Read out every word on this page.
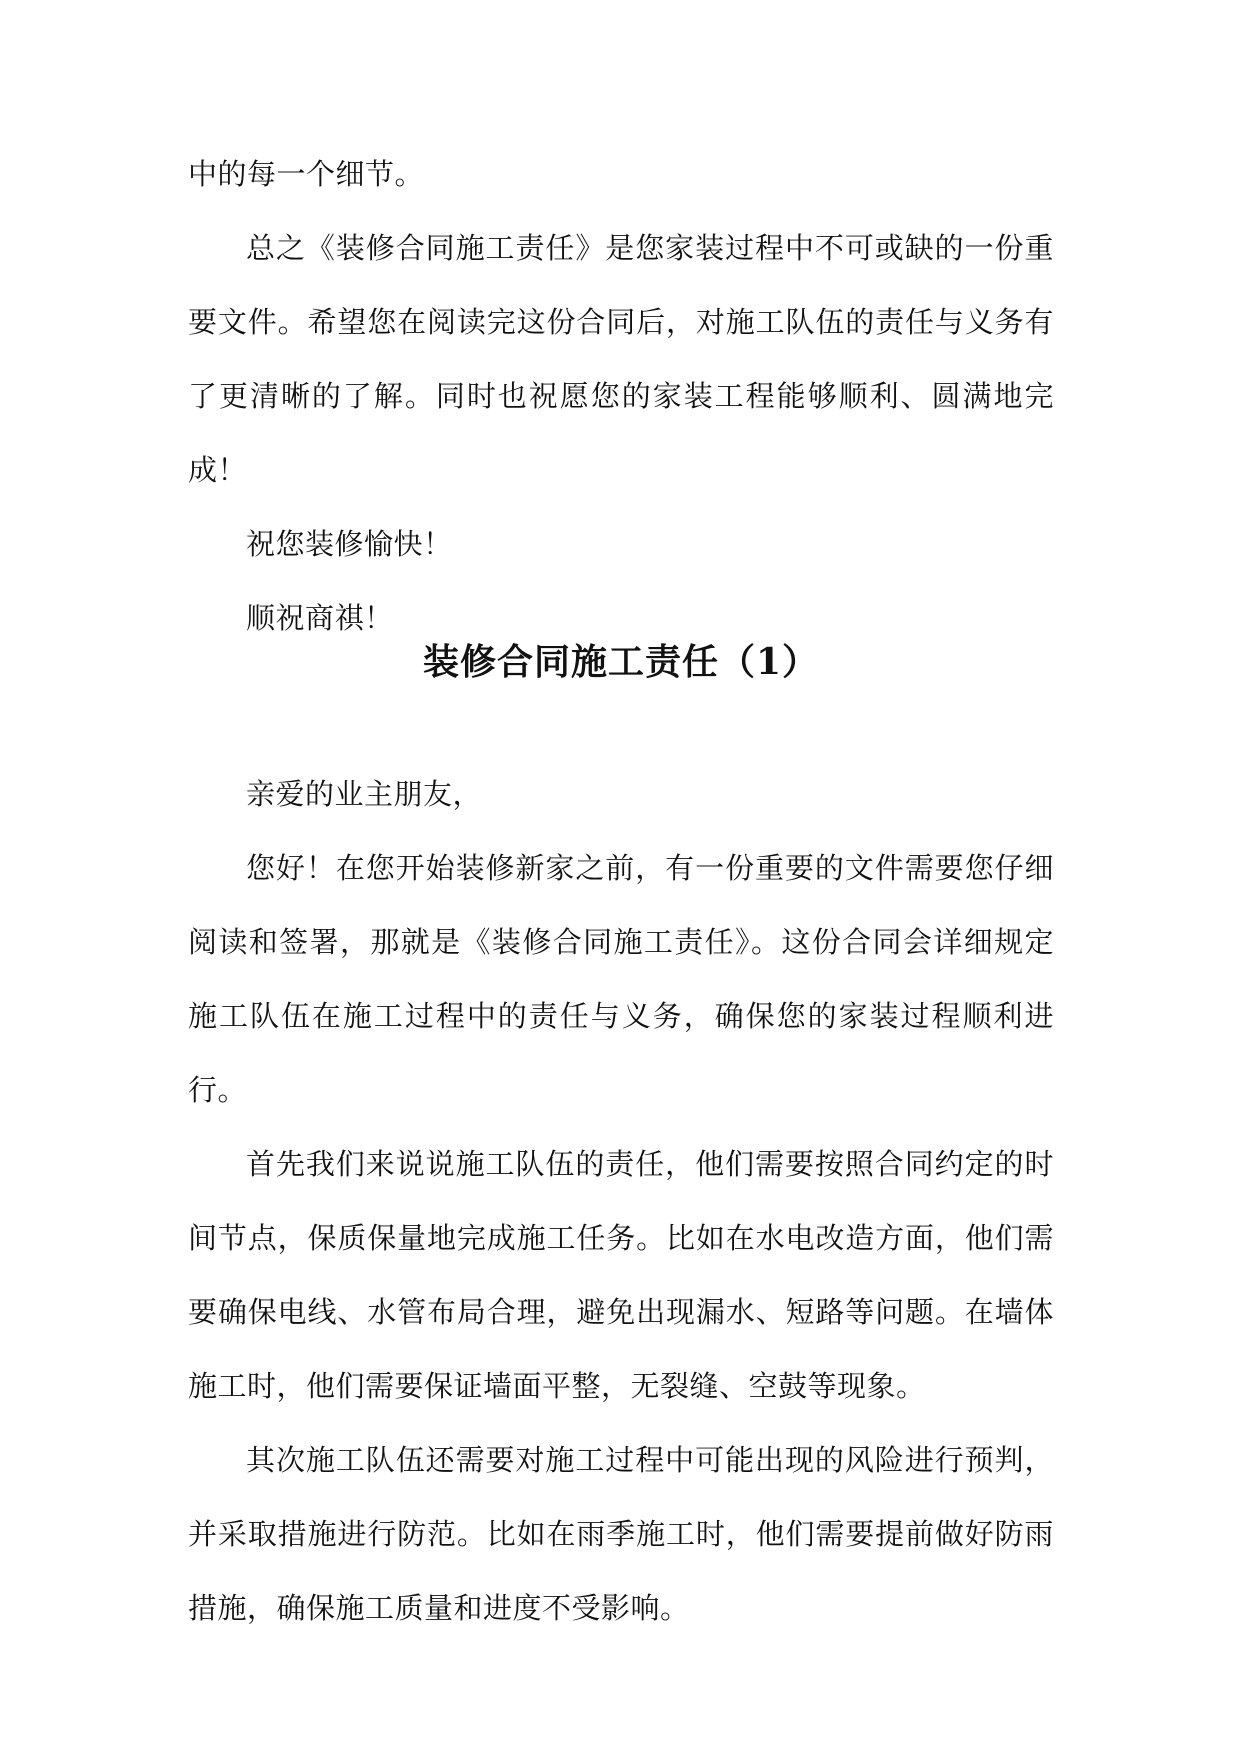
中的每一个细节。

总之《装修合同施工责任》是您家装过程中不可或缺的一份重要文件。希望您在阅读完这份合同后，对施工队伍的责任与义务有了更清晰的了解。同时也祝愿您的家装工程能够顺利、圆满地完成！

祝您装修愉快！

顺祝商祺！

装修合同施工责任（1）

亲爱的业主朋友，

您好！在您开始装修新家之前，有一份重要的文件需要您仔细阅读和签署，那就是《装修合同施工责任》。这份合同会详细规定施工队伍在施工过程中的责任与义务，确保您的家装过程顺利进行。

首先我们来说说施工队伍的责任，他们需要按照合同约定的时间节点，保质保量地完成施工任务。比如在水电改造方面，他们需要确保电线、水管布局合理，避免出现漏水、短路等问题。在墙体施工时，他们需要保证墙面平整，无裂缝、空鼓等现象。

其次施工队伍还需要对施工过程中可能出现的风险进行预判，并采取措施进行防范。比如在雨季施工时，他们需要提前做好防雨措施，确保施工质量和进度不受影响。
